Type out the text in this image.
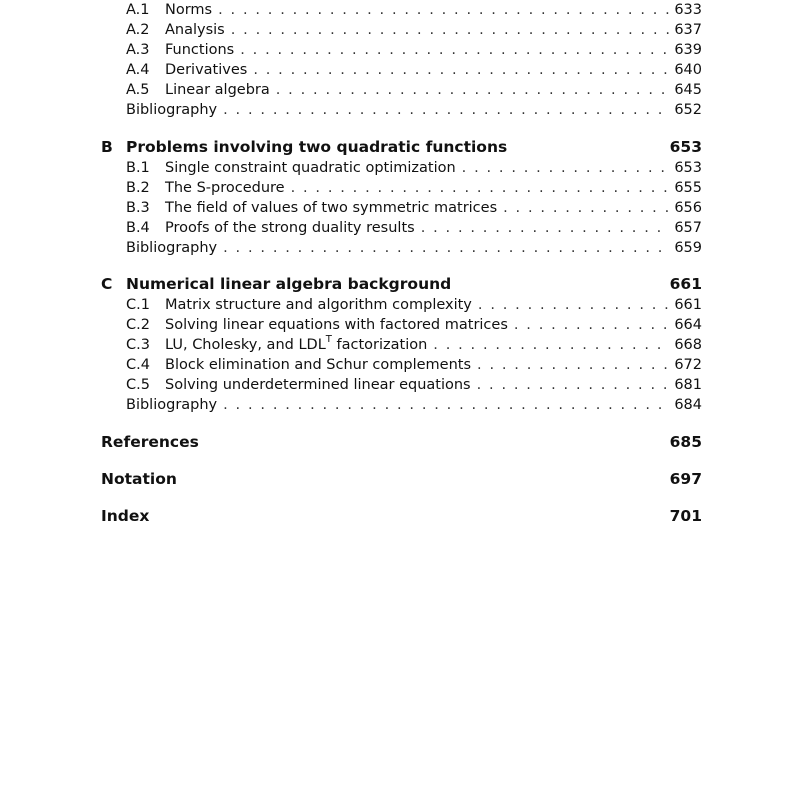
A.1	Norms . . .	633
A.2	Analysis . . .	637
A.3	Functions . . .	639
A.4	Derivatives . . .	640
A.5	Linear algebra . . .	645
Bibliography . . .	652
B Problems involving two quadratic functions	653
B.1	Single constraint quadratic optimization . . .	653
B.2	The S-procedure . . .	655
B.3	The field of values of two symmetric matrices . . .	656
B.4	Proofs of the strong duality results . . .	657
Bibliography . . .	659
C Numerical linear algebra background	661
C.1	Matrix structure and algorithm complexity . . .	661
C.2	Solving linear equations with factored matrices . . .	664
C.3	LU, Cholesky, and $LDL^T$ factorization . . .	668
C.4	Block elimination and Schur complements . . .	672
C.5	Solving underdetermined linear equations . . .	681
Bibliography . . .	684
References	685
Notation	697
Index	701
